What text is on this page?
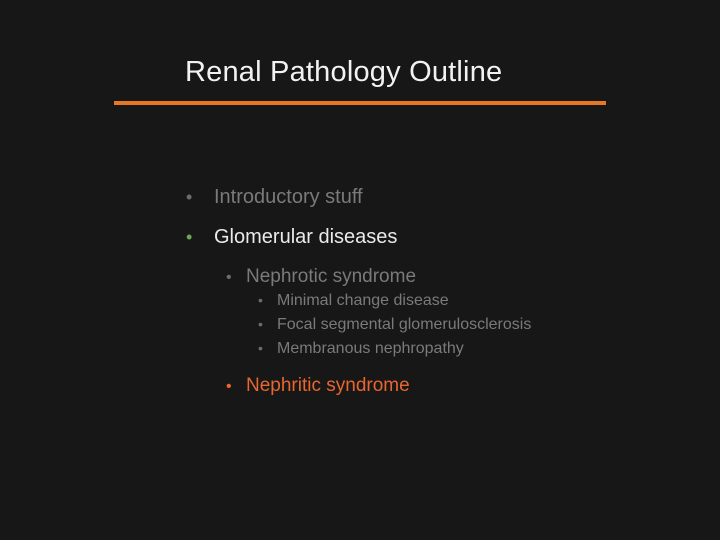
Renal Pathology Outline
•	Introductory stuff
•	Glomerular diseases
• Nephrotic syndrome
• Minimal change disease
• Focal segmental glomerulosclerosis
• Membranous nephropathy
• Nephritic syndrome
